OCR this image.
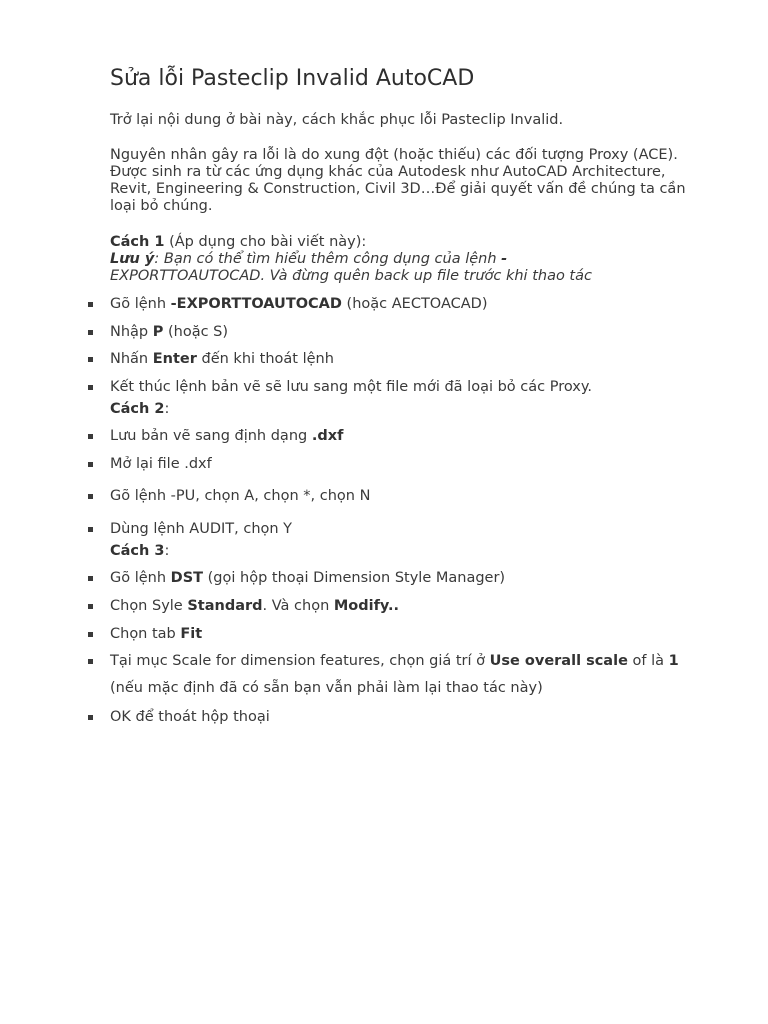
Sửa lỗi Pasteclip Invalid AutoCAD

Trở lại nội dung ở bài này, cách khắc phục lỗi Pasteclip Invalid.

Nguyên nhân gây ra lỗi là do xung đột (hoặc thiếu) các đối tượng Proxy (ACE). Được sinh ra từ các ứng dụng khác của Autodesk như AutoCAD Architecture, Revit, Engineering & Construction, Civil 3D…Để giải quyết vấn đề chúng ta cần loại bỏ chúng.

Cách 1 (Áp dụng cho bài viết này):
Lưu ý: Bạn có thể tìm hiểu thêm công dụng của lệnh -
EXPORTTOAUTOCAD. Và đừng quên back up file trước khi thao tác
Gõ lệnh -EXPORTTOAUTOCAD (hoặc AECTOACAD)
Nhập P (hoặc S)
Nhấn Enter đến khi thoát lệnh
Kết thúc lệnh bản vẽ sẽ lưu sang một file mới đã loại bỏ các Proxy.
Cách 2:
Lưu bản vẽ sang định dạng .dxf
Mở lại file .dxf
Gõ lệnh -PU, chọn A, chọn *, chọn N
Dùng lệnh AUDIT, chọn Y
Cách 3:
Gõ lệnh DST (gọi hộp thoại Dimension Style Manager)
Chọn Syle Standard. Và chọn Modify..
Chọn tab Fit
Tại mục Scale for dimension features, chọn giá trí ở Use overall scale of là 1 (nếu mặc định đã có sẵn bạn vẫn phải làm lại thao tác này)
OK để thoát hộp thoại
